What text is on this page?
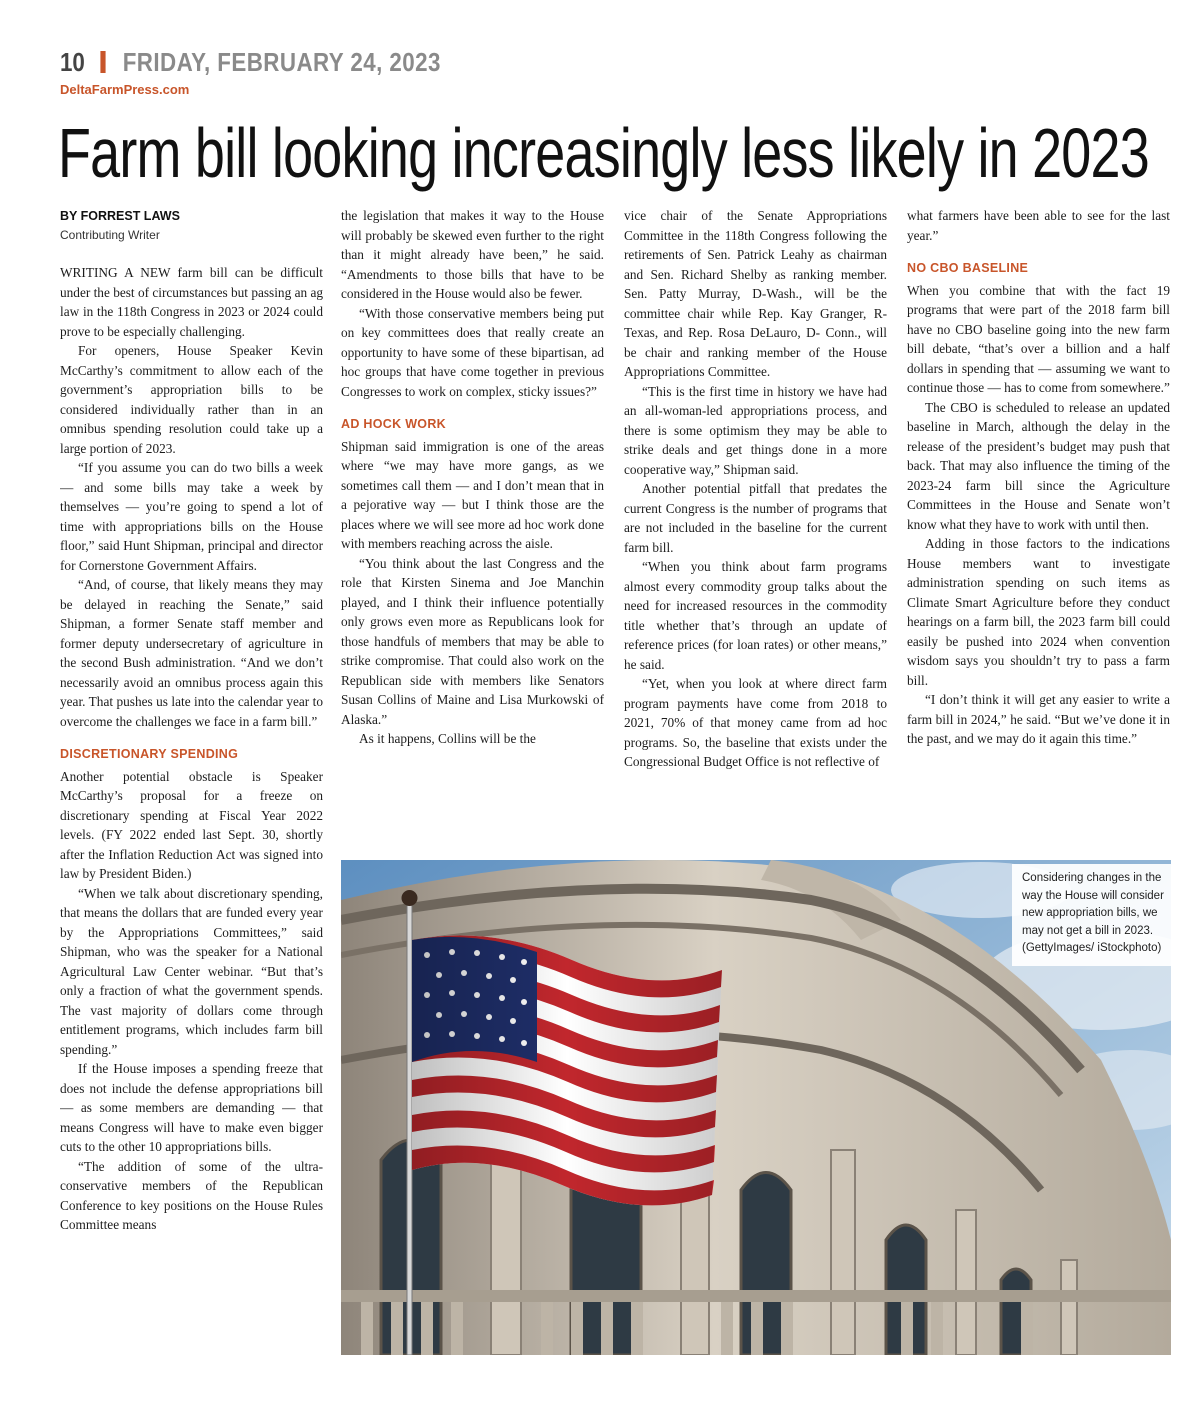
10 FRIDAY, FEBRUARY 24, 2023
DeltaFarmPress.com
Farm bill looking increasingly less likely in 2023
BY FORREST LAWS
Contributing Writer

WRITING A NEW farm bill can be difficult under the best of circumstances but passing an ag law in the 118th Congress in 2023 or 2024 could prove to be especially challenging.

For openers, House Speaker Kevin McCarthy’s commitment to allow each of the government’s appropriation bills to be considered individually rather than in an omnibus spending resolution could take up a large portion of 2023.

“If you assume you can do two bills a week — and some bills may take a week by themselves — you’re going to spend a lot of time with appropriations bills on the House floor,” said Hunt Shipman, principal and director for Cornerstone Government Affairs.

“And, of course, that likely means they may be delayed in reaching the Senate,” said Shipman, a former Senate staff member and former deputy undersecretary of agriculture in the second Bush administration. “And we don’t necessarily avoid an omnibus process again this year. That pushes us late into the calendar year to overcome the challenges we face in a farm bill.”

DISCRETIONARY SPENDING

Another potential obstacle is Speaker McCarthy’s proposal for a freeze on discretionary spending at Fiscal Year 2022 levels. (FY 2022 ended last Sept. 30, shortly after the Inflation Reduction Act was signed into law by President Biden.)

“When we talk about discretionary spending, that means the dollars that are funded every year by the Appropriations Committees,” said Shipman, who was the speaker for a National Agricultural Law Center webinar. “But that’s only a fraction of what the government spends. The vast majority of dollars come through entitlement programs, which includes farm bill spending.”

If the House imposes a spending freeze that does not include the defense appropriations bill — as some members are demanding — that means Congress will have to make even bigger cuts to the other 10 appropriations bills.

“The addition of some of the ultra-conservative members of the Republican Conference to key positions on the House Rules Committee means

the legislation that makes it way to the House will probably be skewed even further to the right than it might already have been,” he said. “Amendments to those bills that have to be considered in the House would also be fewer.

“With those conservative members being put on key committees does that really create an opportunity to have some of these bipartisan, ad hoc groups that have come together in previous Congresses to work on complex, sticky issues?”

AD HOCK WORK

Shipman said immigration is one of the areas where “we may have more gangs, as we sometimes call them — and I don’t mean that in a pejorative way — but I think those are the places where we will see more ad hoc work done with members reaching across the aisle.

“You think about the last Congress and the role that Kirsten Sinema and Joe Manchin played, and I think their influence potentially only grows even more as Republicans look for those handfuls of members that may be able to strike compromise. That could also work on the Republican side with members like Senators Susan Collins of Maine and Lisa Murkowski of Alaska.”

As it happens, Collins will be the

vice chair of the Senate Appropriations Committee in the 118th Congress following the retirements of Sen. Patrick Leahy as chairman and Sen. Richard Shelby as ranking member. Sen. Patty Murray, D-Wash., will be the committee chair while Rep. Kay Granger, R-Texas, and Rep. Rosa DeLauro, D- Conn., will be chair and ranking member of the House Appropriations Committee.

“This is the first time in history we have had an all-woman-led appropriations process, and there is some optimism they may be able to strike deals and get things done in a more cooperative way,” Shipman said.

Another potential pitfall that predates the current Congress is the number of programs that are not included in the baseline for the current farm bill.

“When you think about farm programs almost every commodity group talks about the need for increased resources in the commodity title whether that’s through an update of reference prices (for loan rates) or other means,” he said.

“Yet, when you look at where direct farm program payments have come from 2018 to 2021, 70% of that money came from ad hoc programs. So, the baseline that exists under the Congressional Budget Office is not reflective of

what farmers have been able to see for the last year.”

NO CBO BASELINE

When you combine that with the fact 19 programs that were part of the 2018 farm bill have no CBO baseline going into the new farm bill debate, “that’s over a billion and a half dollars in spending that — assuming we want to continue those — has to come from somewhere.”

The CBO is scheduled to release an updated baseline in March, although the delay in the release of the president’s budget may push that back. That may also influence the timing of the 2023-24 farm bill since the Agriculture Committees in the House and Senate won’t know what they have to work with until then.

Adding in those factors to the indications House members want to investigate administration spending on such items as Climate Smart Agriculture before they conduct hearings on a farm bill, the 2023 farm bill could easily be pushed into 2024 when convention wisdom says you shouldn’t try to pass a farm bill.

“I don’t think it will get any easier to write a farm bill in 2024,” he said. “But we’ve done it in the past, and we may do it again this time.”

Considering changes in the way the House will consider new appropriation bills, we may not get a bill in 2023. (GettyImages/ iStockphoto)
